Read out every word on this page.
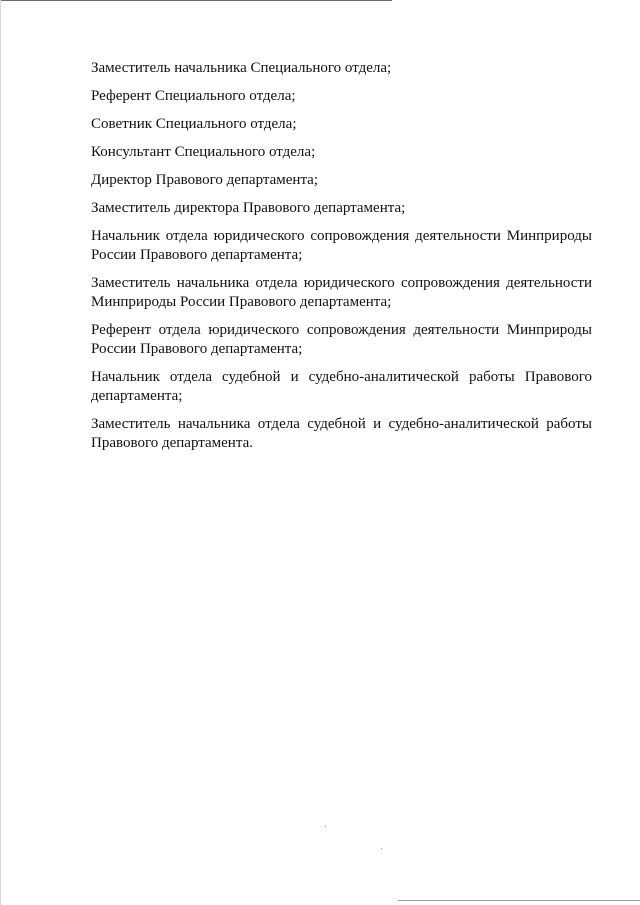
Заместитель начальника Специального отдела;

Референт Специального отдела;

Советник Специального отдела;

Консультант Специального отдела;

Директор Правового департамента;

Заместитель директора Правового департамента;

Начальник отдела юридического сопровождения деятельности Минприроды России Правового департамента;

Заместитель начальника отдела юридического сопровождения деятельности Минприроды России Правового департамента;

Референт отдела юридического сопровождения деятельности Минприроды России Правового департамента;

Начальник отдела судебной и судебно-аналитической работы Правового департамента;

Заместитель начальника отдела судебной и судебно-аналитической работы Правового департамента.
